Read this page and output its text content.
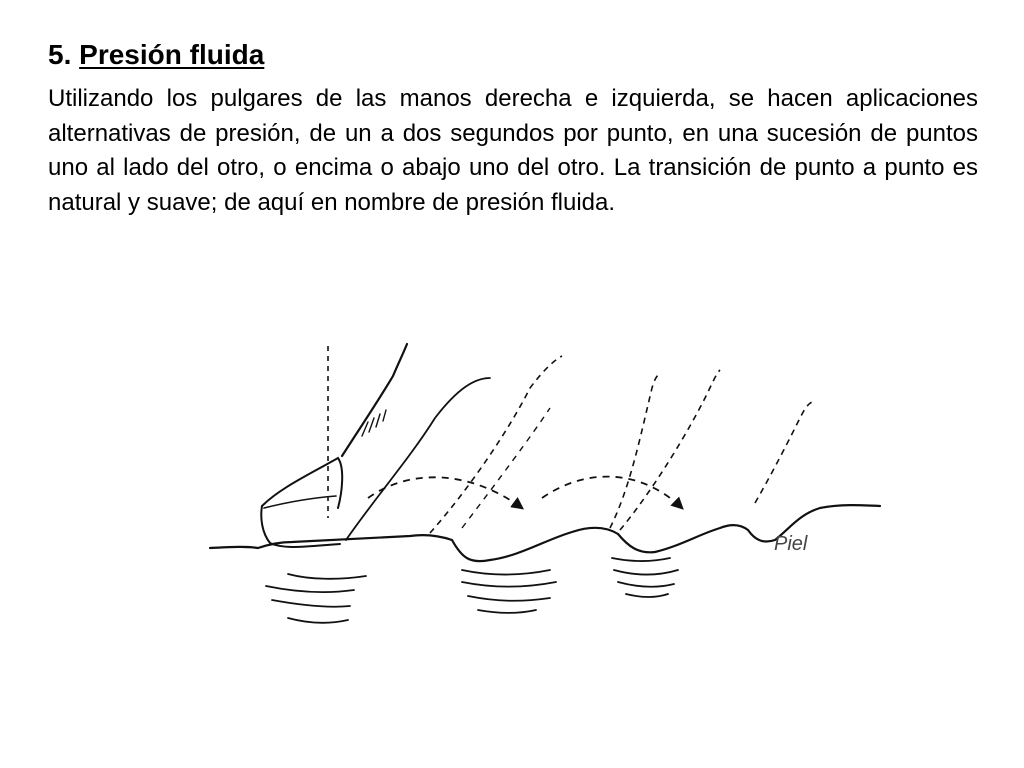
5. Presión fluida

Utilizando los pulgares de las manos derecha e izquierda, se hacen aplicaciones alternativas de presión, de un a dos segundos por punto, en una sucesión de puntos uno al lado del otro, o encima o abajo uno del otro. La transición de punto a punto es natural y suave; de aquí en nombre de presión fluida.

Piel
